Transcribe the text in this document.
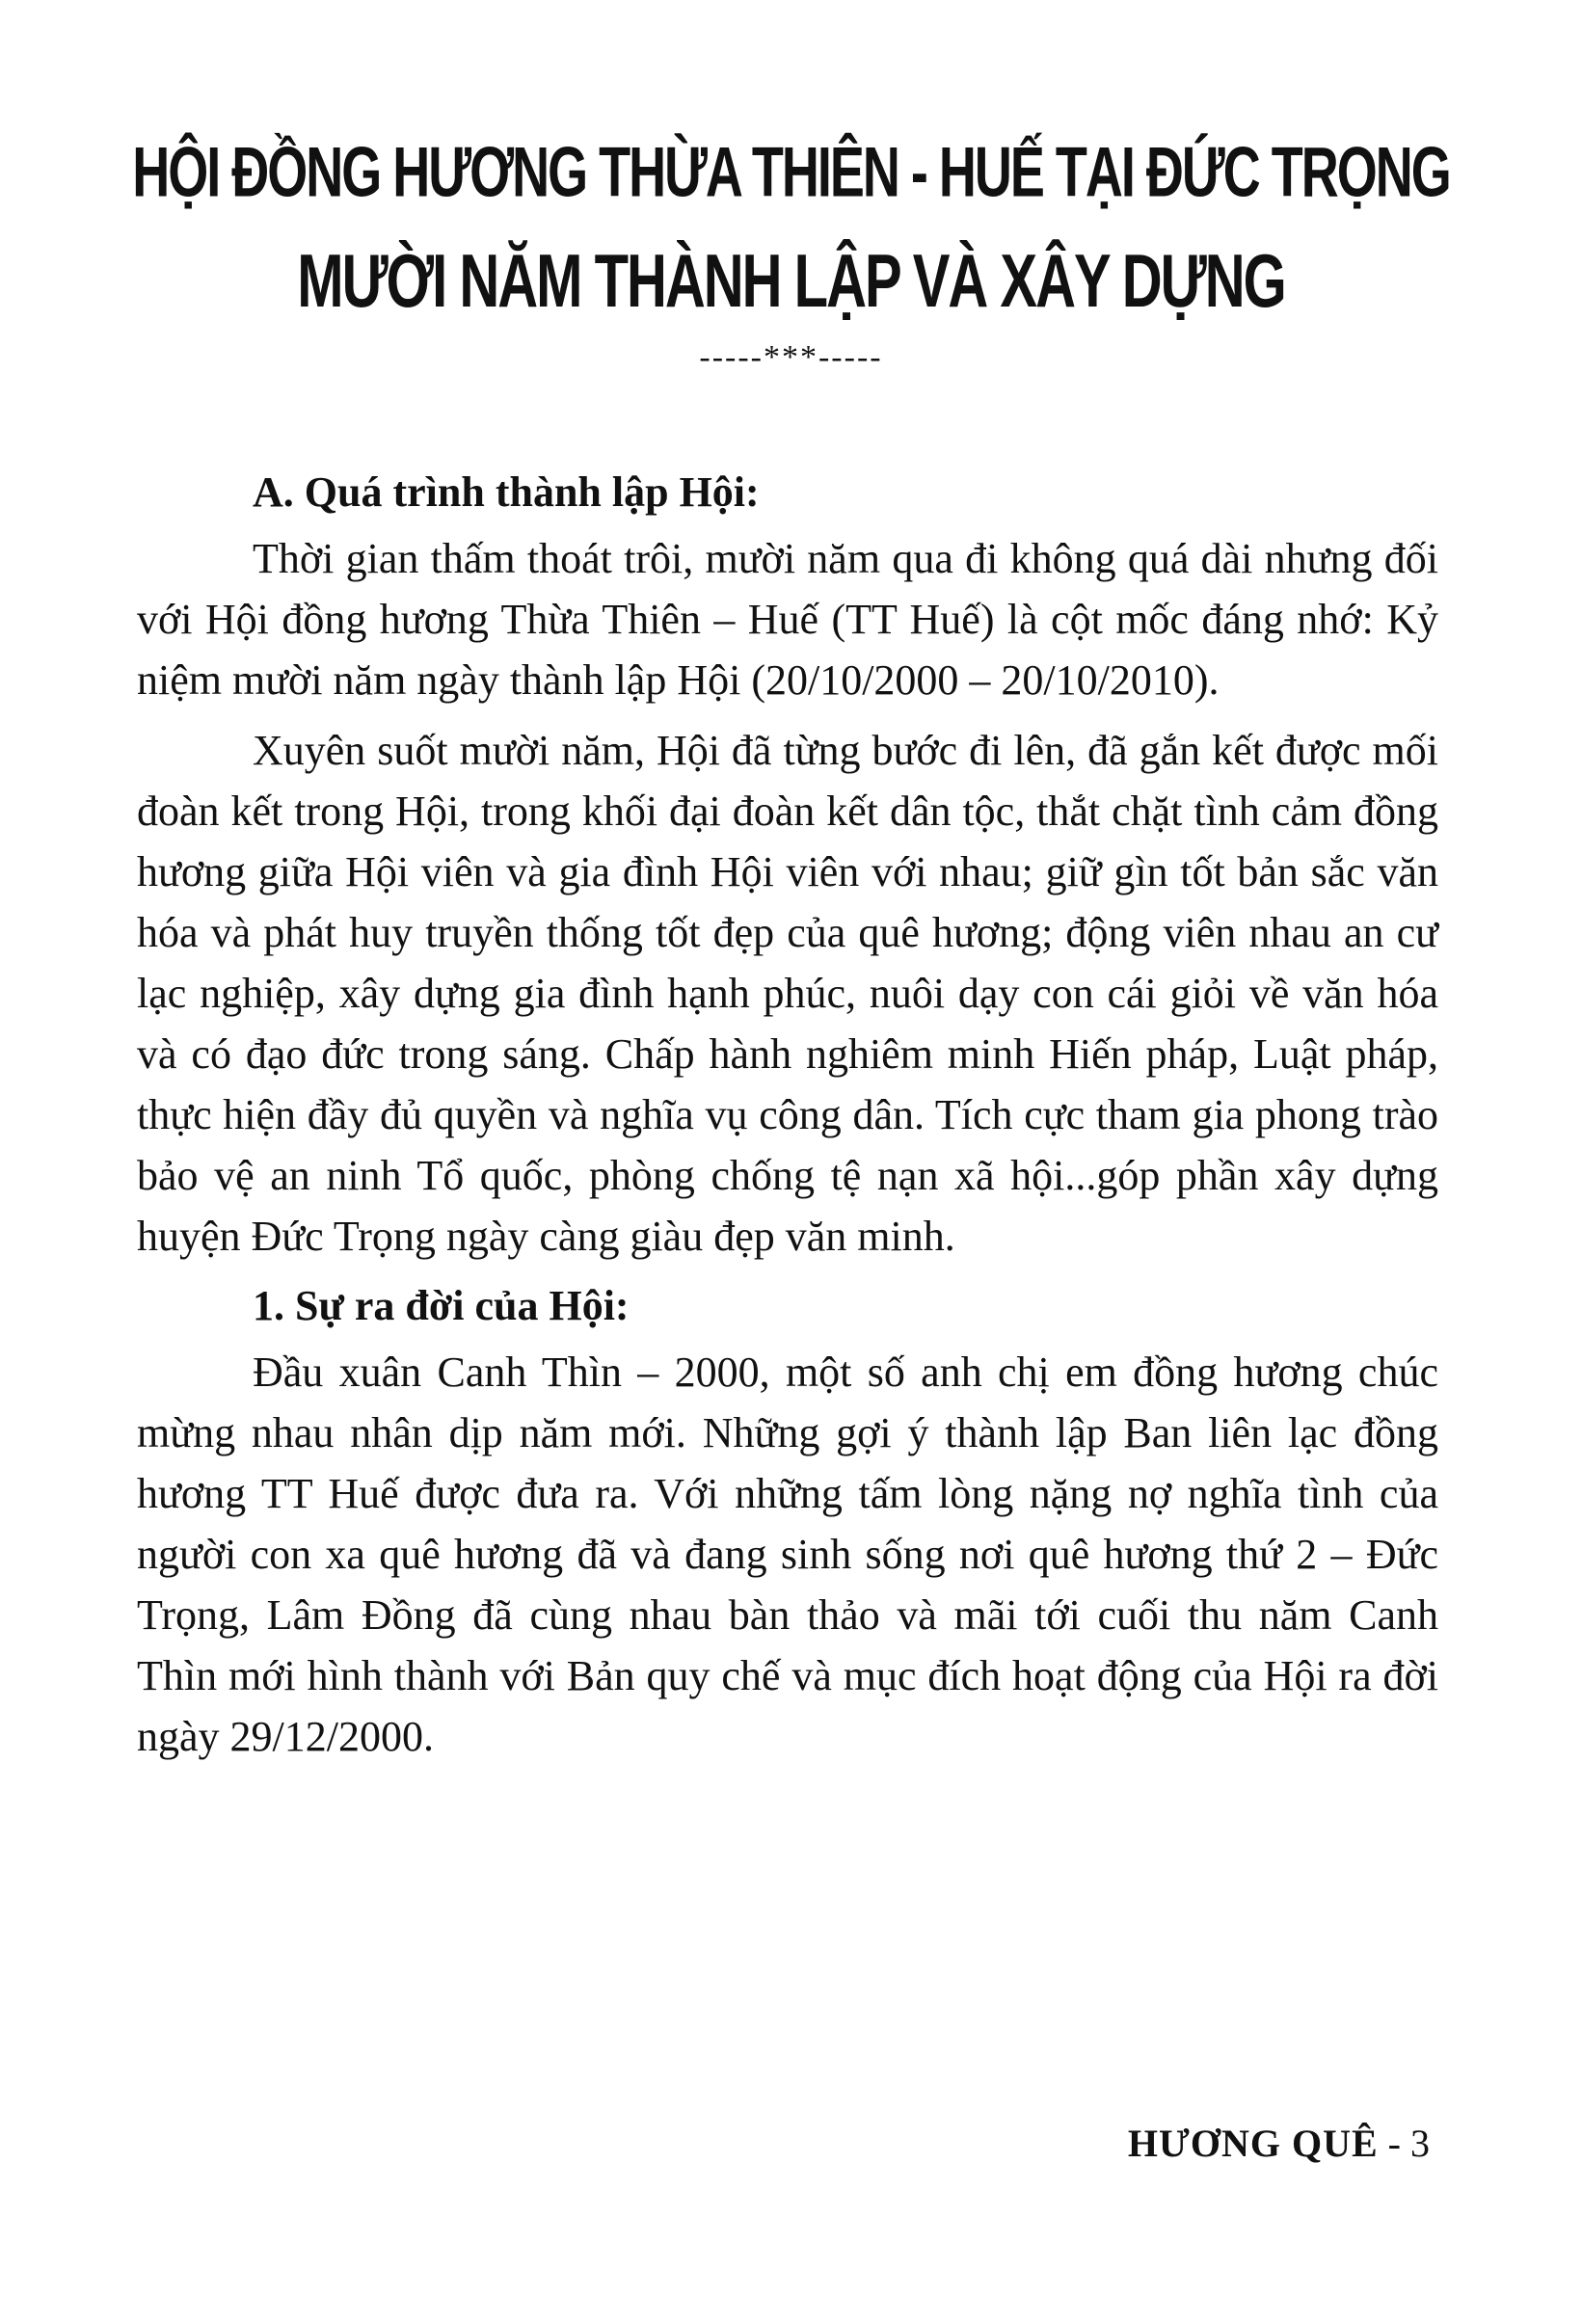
HỘI ĐỒNG HƯƠNG THỪA THIÊN - HUẾ TẠI ĐỨC TRỌNG
MƯỜI NĂM THÀNH LẬP VÀ XÂY DỰNG
-----***-----
A. Quá trình thành lập Hội:

Thời gian thấm thoát trôi, mười năm qua đi không quá dài nhưng đối với Hội đồng hương Thừa Thiên – Huế (TT Huế) là cột mốc đáng nhớ: Kỷ niệm mười năm ngày thành lập Hội (20/10/2000 – 20/10/2010).

Xuyên suốt mười năm, Hội đã từng bước đi lên, đã gắn kết được mối đoàn kết trong Hội, trong khối đại đoàn kết dân tộc, thắt chặt tình cảm đồng hương giữa Hội viên và gia đình Hội viên với nhau; giữ gìn tốt bản sắc văn hóa và phát huy truyền thống tốt đẹp của quê hương; động viên nhau an cư lạc nghiệp, xây dựng gia đình hạnh phúc, nuôi dạy con cái giỏi về văn hóa và có đạo đức trong sáng. Chấp hành nghiêm minh Hiến pháp, Luật pháp, thực hiện đầy đủ quyền và nghĩa vụ công dân. Tích cực tham gia phong trào bảo vệ an ninh Tổ quốc, phòng chống tệ nạn xã hội...góp phần xây dựng huyện Đức Trọng ngày càng giàu đẹp văn minh.

1. Sự ra đời của Hội:

Đầu xuân Canh Thìn – 2000, một số anh chị em đồng hương chúc mừng nhau nhân dịp năm mới. Những gợi ý thành lập Ban liên lạc đồng hương TT Huế được đưa ra. Với những tấm lòng nặng nợ nghĩa tình của người con xa quê hương đã và đang sinh sống nơi quê hương thứ 2 – Đức Trọng, Lâm Đồng đã cùng nhau bàn thảo và mãi tới cuối thu năm Canh Thìn mới hình thành với Bản quy chế và mục đích hoạt động của Hội ra đời ngày 29/12/2000.

HƯƠNG QUÊ - 3
